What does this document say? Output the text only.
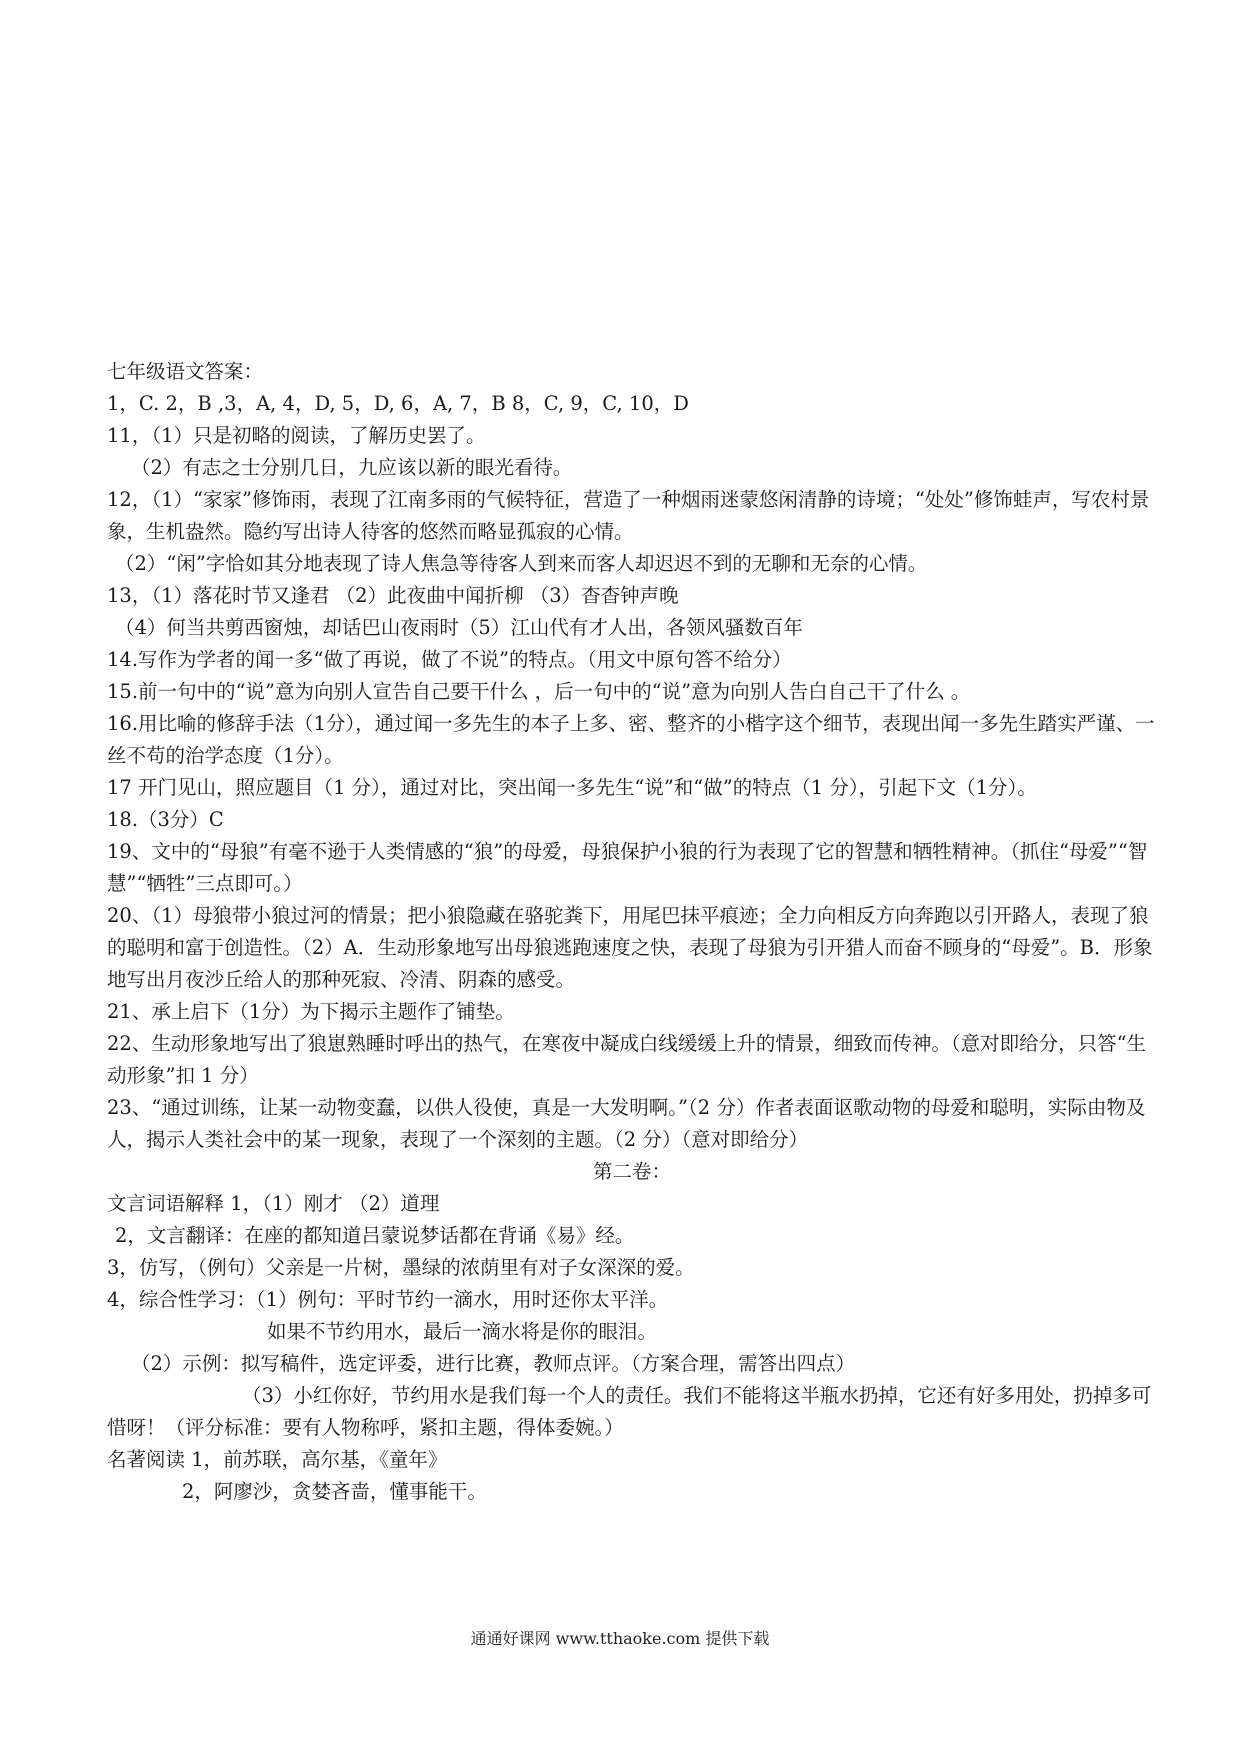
七年级语文答案：
1，C. 2，B ,3，A, 4，D, 5，D, 6，A, 7，B 8，C, 9，C, 10，D
11，（1）只是初略的阅读，了解历史罢了。
（2）有志之士分别几日，九应该以新的眼光看待。
12，（1）“家家”修饰雨，表现了江南多雨的气候特征，营造了一种烟雨迷蒙悠闲清静的诗境；“处处”修饰蛙声，写农村景象，生机盎然。隐约写出诗人待客的悠然而略显孤寂的心情。
（2）“闲”字恰如其分地表现了诗人焦急等待客人到来而客人却迟迟不到的无聊和无奈的心情。
13，（1）落花时节又逢君 （2）此夜曲中闻折柳 （3）杳杳钟声晚
（4）何当共剪西窗烛，却话巴山夜雨时（5）江山代有才人出，各领风骚数百年
14.写作为学者的闻一多“做了再说，做了不说”的特点。（用文中原句答不给分）
15.前一句中的“说”意为向别人宣告自己要干什么 ，后一句中的“说”意为向别人告白自己干了什么 。
16.用比喻的修辞手法（1分），通过闻一多先生的本子上多、密、整齐的小楷字这个细节，表现出闻一多先生踏实严谨、一丝不苟的治学态度（1分）。
17 开门见山，照应题目（1 分），通过对比，突出闻一多先生“说”和“做”的特点（1 分），引起下文（1分）。
18.（3分）C
19、文中的“母狼”有毫不逊于人类情感的“狼”的母爱，母狼保护小狼的行为表现了它的智慧和牺牲精神。（抓住“母爱”“智慧”“牺牲”三点即可。）
20、（1）母狼带小狼过河的情景；把小狼隐藏在骆驼粪下，用尾巴抹平痕迹；全力向相反方向奔跑以引开路人，表现了狼的聪明和富于创造性。（2）A．生动形象地写出母狼逃跑速度之快，表现了母狼为引开猎人而奋不顾身的“母爱”。B．形象地写出月夜沙丘给人的那种死寂、冷清、阴森的感受。
21、承上启下（1分）为下揭示主题作了铺垫。
22、生动形象地写出了狼崽熟睡时呼出的热气，在寒夜中凝成白线缓缓上升的情景，细致而传神。（意对即给分，只答“生动形象”扣 1 分）
23、“通过训练，让某一动物变蠢，以供人役使，真是一大发明啊。”（2 分）作者表面讴歌动物的母爱和聪明，实际由物及人，揭示人类社会中的某一现象，表现了一个深刻的主题。（2 分）（意对即给分）
第二卷：
文言词语解释 1，（1）刚才 （2）道理
2，文言翻译：在座的都知道吕蒙说梦话都在背诵《易》经。
3，仿写，（例句）父亲是一片树，墨绿的浓荫里有对子女深深的爱。
4，综合性学习：（1）例句：平时节约一滴水，用时还你太平洋。
如果不节约用水，最后一滴水将是你的眼泪。
（2）示例：拟写稿件，选定评委，进行比赛，教师点评。（方案合理，需答出四点）
（3）小红你好，节约用水是我们每一个人的责任。我们不能将这半瓶水扔掉，它还有好多用处，扔掉多可惜呀！（评分标准：要有人物称呼，紧扣主题，得体委婉。）
名著阅读 1，前苏联，高尔基，《童年》
2，阿廖沙，贪婪吝啬，懂事能干。
通通好课网 www.tthaoke.com 提供下载
